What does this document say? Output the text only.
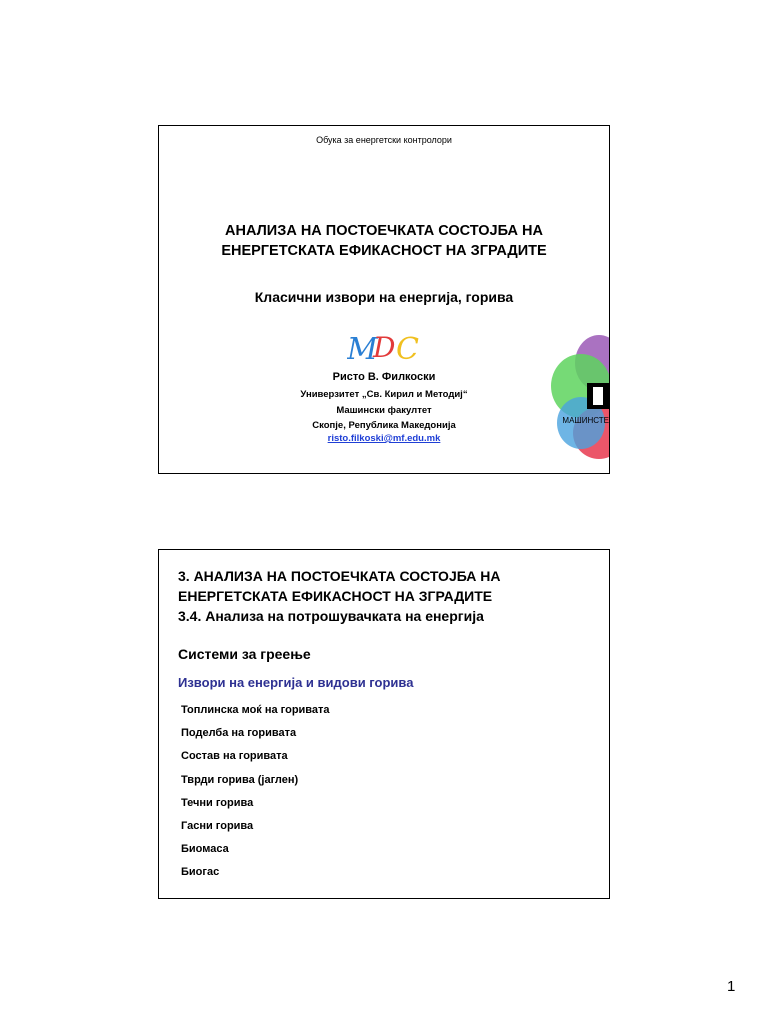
Обука за енергетски контролори
АНАЛИЗА НА ПОСТОЕЧКАТА СОСТОЈБА НА
ЕНЕРГЕТСКАТА ЕФИКАСНОСТ НА ЗГРАДИТЕ
Класични извори на енергија, горива
M
D C
Ристо В. Филкоски
Универзитет „Св. Кирил и Методиј“
Машински факултет
Скопје, Република Македонија
risto.filkoski@mf.edu.mk
МАШИНСТЕ
3. АНАЛИЗА НА ПОСТОЕЧКАТА СОСТОЈБА НА
ЕНЕРГЕТСКАТА ЕФИКАСНОСТ НА ЗГРАДИТЕ
3.4. Анализа на потрошувачката на енергија
Системи за греење
Извори на енергија и видови горива
Топлинска моќ на горивата
Поделба на горивата
Состав на горивата
Тврди горива (јаглен)
Течни горива
Гасни горива
Биомаса
Биогас
1
